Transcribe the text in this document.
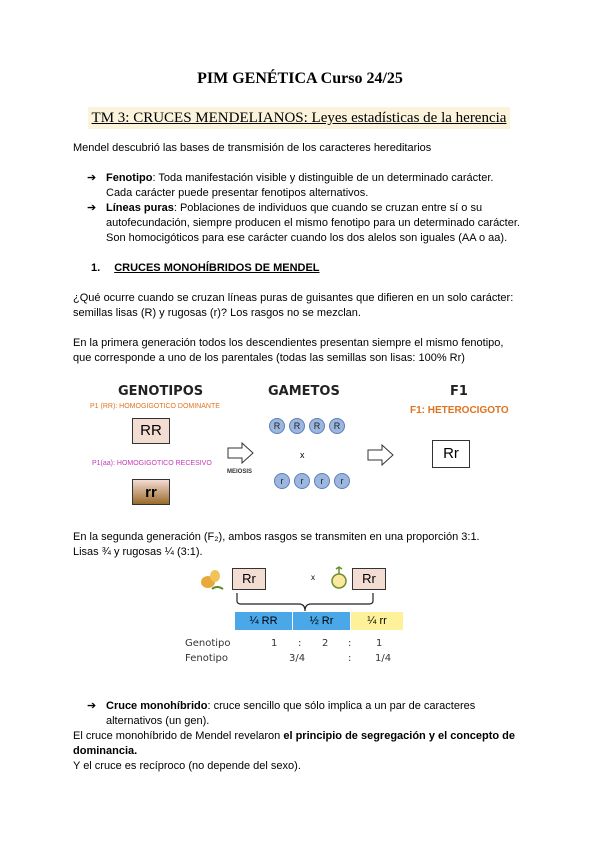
PIM GENÉTICA Curso 24/25
TM 3: CRUCES MENDELIANOS: Leyes estadísticas de la herencia
Mendel descubrió las bases de transmisión de los caracteres hereditarios
➔ Fenotipo: Toda manifestación visible y distinguible de un determinado carácter.
Cada carácter puede presentar fenotipos alternativos.
➔ Líneas puras: Poblaciones de individuos que cuando se cruzan entre sí o su
autofecundación, siempre producen el mismo fenotipo para un determinado carácter.
Son homocigóticos para ese carácter cuando los dos alelos son iguales (AA o aa).
1. CRUCES MONOHÍBRIDOS DE MENDEL
¿Qué ocurre cuando se cruzan líneas puras de guisantes que difieren en un solo carácter:
semillas lisas (R) y rugosas (r)? Los rasgos no se mezclan.
En la primera generación todos los descendientes presentan siempre el mismo fenotipo,
que corresponde a uno de los parentales (todas las semillas son lisas: 100% Rr)
GENOTIPOS	GAMETOS	F1
P1 (RR): HOMOGIGOTICO DOMINANTE
RR
P1(aa): HOMOGIGOTICO RECESIVO
rr
MEIOSIS
R	R	R	R
x
r	r	r	r
F1: HETEROCIGOTO
Rr
En la segunda generación (F₂), ambos rasgos se transmiten en una proporción 3:1.
Lisas ¾ y rugosas ¼ (3:1).
Rr	x	Rr
¼ RR	½ Rr	¼ rr
Genotipo	1 : 2 : 1
Fenotipo	3/4	: 1/4
➔ Cruce monohíbrido: cruce sencillo que sólo implica a un par de caracteres
alternativos (un gen).
El cruce monohíbrido de Mendel revelaron el principio de segregación y el concepto de
dominancia.
Y el cruce es recíproco (no depende del sexo).
